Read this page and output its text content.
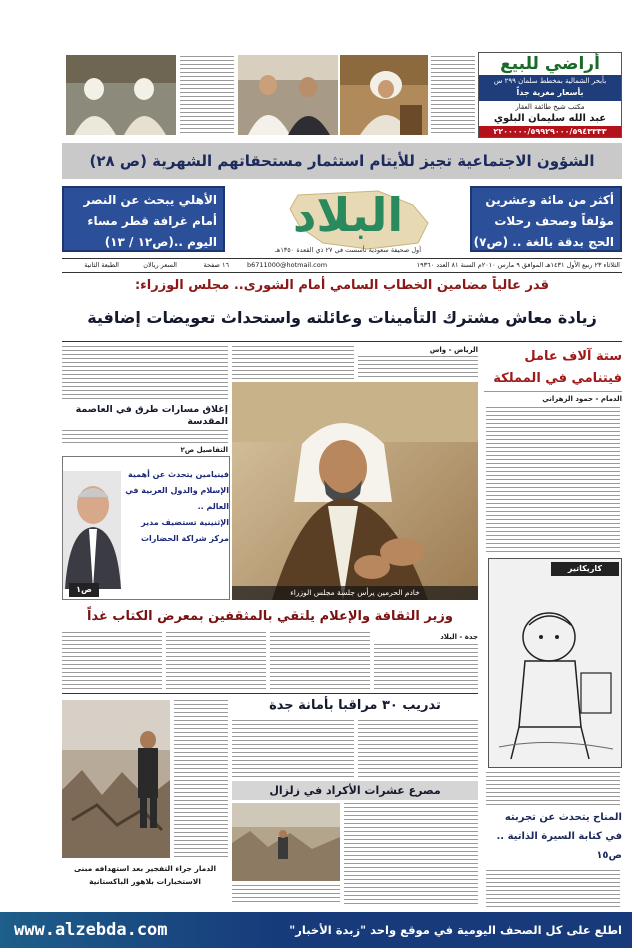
أراضي للبيع
بأبحر الشمالية بمخطط سلمان ٢٩٩ س
بأسعار مغرية جداً
مكتب شيخ طائفة العقار
عبد الله سليمان البلوي
٢٢٠٠٠٠٠/٥٩٩٢٩٠٠٠/٥٩٤٣٣٣٣
الشؤون الاجتماعية تجيز للأيتام استثمار مستحقاتهم الشهرية (ص ٢٨)
أكثر من مائة وعشرين
مؤلفاً وصحف رحلات
الحج بدقة بالغة .. (ص٧)
الأهلي يبحث عن النصر
أمام غرافة قطر مساء
اليوم ..(ص١٢ / ١٣)	البلاد
أول صحيفة سعودية تأسست في ٢٧ ذي القعدة ١٣٥٠هـ
الثلاثاء ٢٣ ربيع الأول ١٤٣١هـ الموافق ٩ مارس ٢٠١٠م السنة ٨١ العدد ١٩٣٦٠
b6711000@hotmail.com
١٦ صفحة
السعر ريالان
الطبعة الثانية
قدر عالياً مضامين الخطاب السامي أمام الشورى.. مجلس الوزراء:
زيادة معاش مشترك التأمينات وعائلته واستحداث تعويضات إضافية
ستة آلاف عامل
فيتنامي في المملكة
الدمام - حمود الزهراني
كاريكاتير
المناح يتحدث عن تجربته
في كتابة السيرة الذاتية ..
ص١٥
الرياض - واس
خادم الحرمين يرأس جلسة مجلس الوزراء
إغلاق مسارات طرق في العاصمة المقدسة
التفاصيل ص٢
فينيامين يتحدث عن أهمية
الإسلام والدول العربية في
العالم ..
الإثنينية تستضيف مدير
مركز شراكة الحضارات
ص١
وزير الثقافة والإعلام يلتقي بالمثقفين بمعرض الكتاب غداً
جدة - البلاد
الدمار جراء التفجير بعد استهدافه مبنى الاستخبارات بلاهور الباكستانية
تدريب ٣٠ مراقبا بأمانة جدة
مصرع عشرات الأكراد في زلزال
www.alzebda.com	اطلع على كل الصحف اليومية في موقع واحد "زبدة الأخبار"
